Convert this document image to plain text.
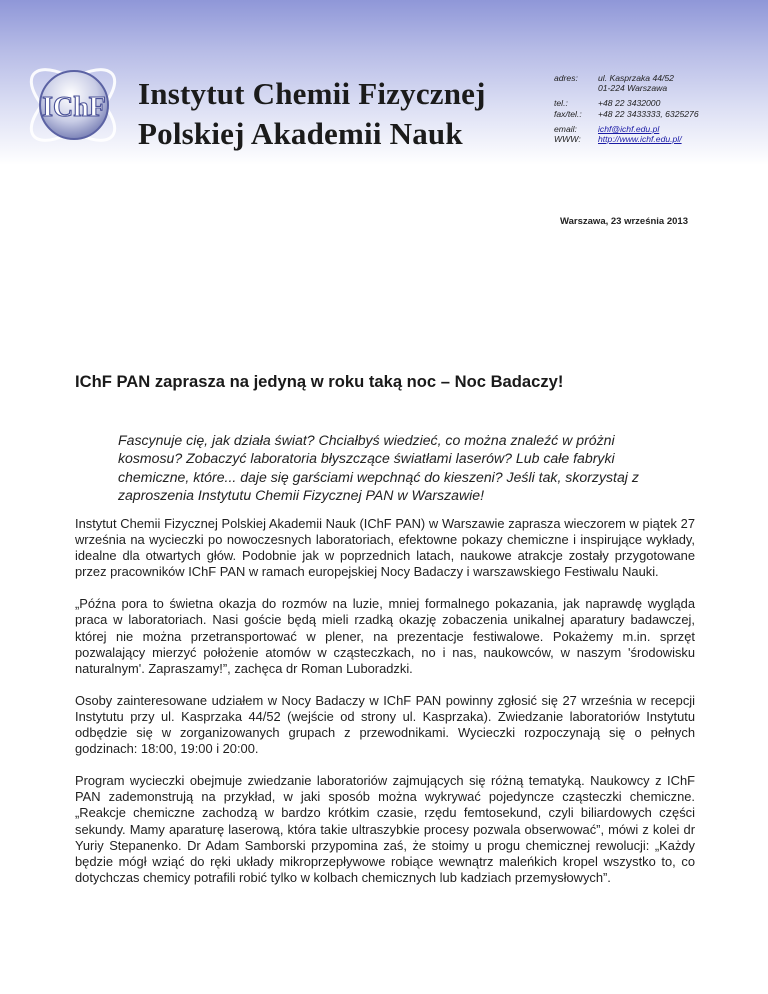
IChF Instytut Chemii Fizycznej
Polskiej Akademii Nauk
adres:	ul. Kasprzaka 44/52
01-224 Warszawa
tel.:	+48 22 3432000
fax/tel.:	+48 22 3433333, 6325276
email:	ichf@ichf.edu.pl
WWW:	http://www.ichf.edu.pl/
Warszawa, 23 września 2013
IChF PAN zaprasza na jedyną w roku taką noc – Noc Badaczy!
Fascynuje cię, jak działa świat? Chciałbyś wiedzieć, co można znaleźć w próżni kosmosu? Zobaczyć laboratoria błyszczące światłami laserów? Lub całe fabryki chemiczne, które... daje się garściami wepchnąć do kieszeni? Jeśli tak, skorzystaj z zaproszenia Instytutu Chemii Fizycznej PAN w Warszawie!

Instytut Chemii Fizycznej Polskiej Akademii Nauk (IChF PAN) w Warszawie zaprasza wieczorem w piątek 27 września na wycieczki po nowoczesnych laboratoriach, efektowne pokazy chemiczne i inspirujące wykłady, idealne dla otwartych głów. Podobnie jak w poprzednich latach, naukowe atrakcje zostały przygotowane przez pracowników IChF PAN w ramach europejskiej Nocy Badaczy i warszawskiego Festiwalu Nauki.

„Późna pora to świetna okazja do rozmów na luzie, mniej formalnego pokazania, jak naprawdę wygląda praca w laboratoriach. Nasi goście będą mieli rzadką okazję zobaczenia unikalnej aparatury badawczej, której nie można przetransportować w plener, na prezentacje festiwalowe. Pokażemy m.in. sprzęt pozwalający mierzyć położenie atomów w cząsteczkach, no i nas, naukowców, w naszym 'środowisku naturalnym'. Zapraszamy!”, zachęca dr Roman Luboradzki.

Osoby zainteresowane udziałem w Nocy Badaczy w IChF PAN powinny zgłosić się 27 września w recepcji Instytutu przy ul. Kasprzaka 44/52 (wejście od strony ul. Kasprzaka). Zwiedzanie laboratoriów Instytutu odbędzie się w zorganizowanych grupach z przewodnikami. Wycieczki rozpoczynają się o pełnych godzinach: 18:00, 19:00 i 20:00.

Program wycieczki obejmuje zwiedzanie laboratoriów zajmujących się różną tematyką. Naukowcy z IChF PAN zademonstrują na przykład, w jaki sposób można wykrywać pojedyncze cząsteczki chemiczne. „Reakcje chemiczne zachodzą w bardzo krótkim czasie, rzędu femtosekund, czyli biliardowych części sekundy. Mamy aparaturę laserową, która takie ultraszybkie procesy pozwala obserwować”, mówi z kolei dr Yuriy Stepanenko. Dr Adam Samborski przypomina zaś, że stoimy u progu chemicznej rewolucji: „Każdy będzie mógł wziąć do ręki układy mikroprzepływowe robiące wewnątrz maleńkich kropel wszystko to, co dotychczas chemicy potrafili robić tylko w kolbach chemicznych lub kadziach przemysłowych”.
